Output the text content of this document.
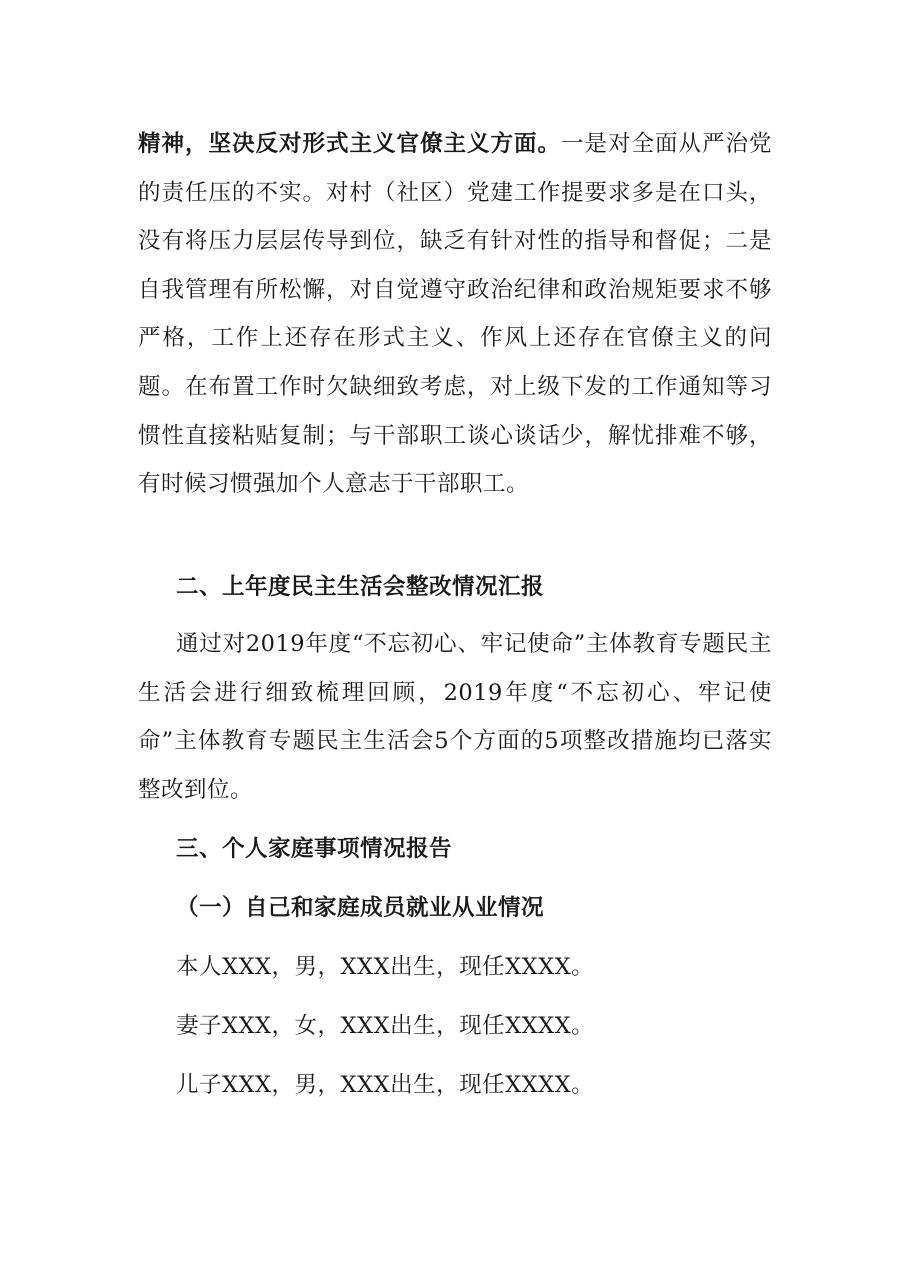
精神，坚决反对形式主义官僚主义方面。一是对全面从严治党的责任压的不实。对村（社区）党建工作提要求多是在口头，没有将压力层层传导到位，缺乏有针对性的指导和督促；二是自我管理有所松懈，对自觉遵守政治纪律和政治规矩要求不够严格，工作上还存在形式主义、作风上还存在官僚主义的问题。在布置工作时欠缺细致考虑，对上级下发的工作通知等习惯性直接粘贴复制；与干部职工谈心谈话少，解忧排难不够，有时候习惯强加个人意志于干部职工。

二、上年度民主生活会整改情况汇报

通过对2019年度“不忘初心、牢记使命”主体教育专题民主生活会进行细致梳理回顾，2019年度“不忘初心、牢记使命”主体教育专题民主生活会5个方面的5项整改措施均已落实整改到位。

三、个人家庭事项情况报告

（一）自己和家庭成员就业从业情况

本人XXX，男，XXX出生，现任XXXX。

妻子XXX，女，XXX出生，现任XXXX。

儿子XXX，男，XXX出生，现任XXXX。
